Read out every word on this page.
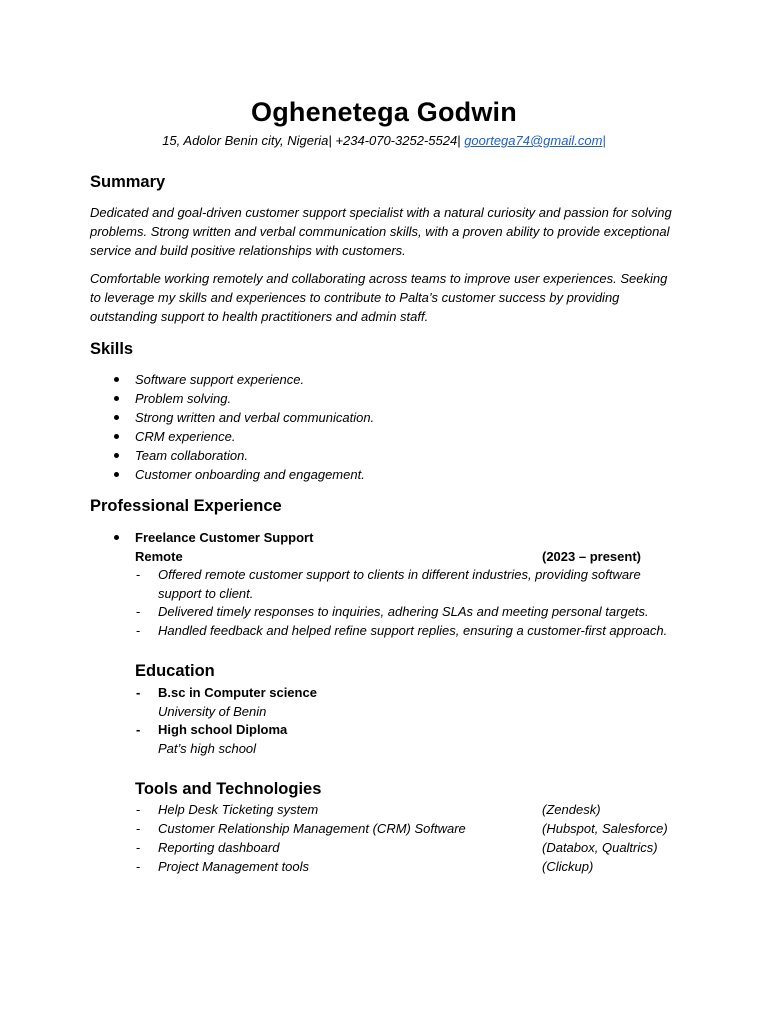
Oghenetega Godwin
15, Adolor Benin city, Nigeria| +234-070-3252-5524| goortega74@gmail.com|
Summary
Dedicated and goal-driven customer support specialist with a natural curiosity and passion for solving problems. Strong written and verbal communication skills, with a proven ability to provide exceptional service and build positive relationships with customers.
Comfortable working remotely and collaborating across teams to improve user experiences. Seeking to leverage my skills and experiences to contribute to Palta’s customer success by providing outstanding support to health practitioners and admin staff.
Skills
Software support experience.
Problem solving.
Strong written and verbal communication.
CRM experience.
Team collaboration.
Customer onboarding and engagement.
Professional Experience
Freelance Customer Support
Remote	(2023 – present)
- Offered remote customer support to clients in different industries, providing software support to client.
- Delivered timely responses to inquiries, adhering SLAs and meeting personal targets.
- Handled feedback and helped refine support replies, ensuring a customer-first approach.
Education
- B.sc in Computer science
University of Benin
- High school Diploma
Pat’s high school
Tools and Technologies
- Help Desk Ticketing system	(Zendesk)
- Customer Relationship Management (CRM) Software	(Hubspot, Salesforce)
- Reporting dashboard	(Databox, Qualtrics)
- Project Management tools	(Clickup)
